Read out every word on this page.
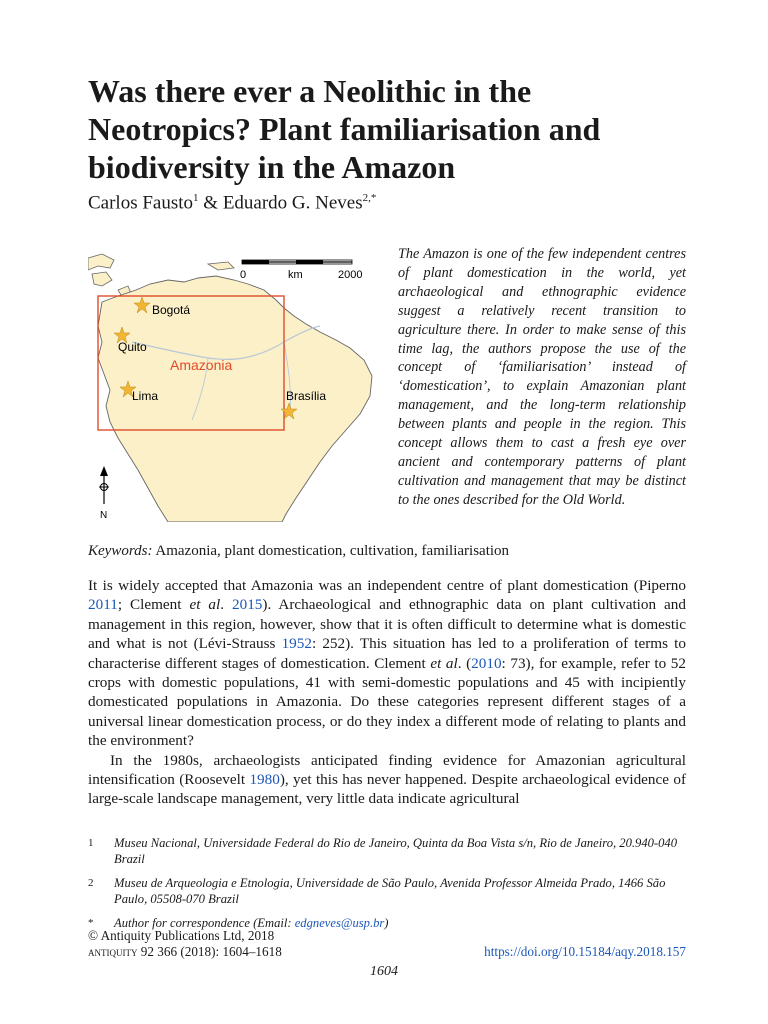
Was there ever a Neolithic in the Neotropics? Plant familiarisation and biodiversity in the Amazon
Carlos Fausto$^1$ & Eduardo G. Neves$^{2,*}$
0	km	2000
Amazonia
Bogotá
Quito
Lima	Brasília
N
The Amazon is one of the few independent centres of plant domestication in the world, yet archaeological and ethnographic evidence suggest a relatively recent transition to agriculture there. In order to make sense of this time lag, the authors propose the use of the concept of ‘familiarisation’ instead of ‘domestication’, to explain Amazonian plant management, and the long-term relationship between plants and people in the region. This concept allows them to cast a fresh eye over ancient and contemporary patterns of plant cultivation and management that may be distinct to the ones described for the Old World.
Keywords: Amazonia, plant domestication, cultivation, familiarisation

It is widely accepted that Amazonia was an independent centre of plant domestication (Piperno 2011; Clement et al. 2015). Archaeological and ethnographic data on plant cultivation and management in this region, however, show that it is often difficult to determine what is domestic and what is not (Lévi-Strauss 1952: 252). This situation has led to a proliferation of terms to characterise different stages of domestication. Clement et al. (2010: 73), for example, refer to 52 crops with domestic populations, 41 with semi-domestic populations and 45 with incipiently domesticated populations in Amazonia. Do these categories represent different stages of a universal linear domestication process, or do they index a different mode of relating to plants and the environment?

In the 1980s, archaeologists anticipated finding evidence for Amazonian agricultural intensification (Roosevelt 1980), yet this has never happened. Despite archaeological evidence of large-scale landscape management, very little data indicate agricultural

1	Museu Nacional, Universidade Federal do Rio de Janeiro, Quinta da Boa Vista s/n, Rio de Janeiro, 20.940-040 Brazil
2	Museu de Arqueologia e Etnologia, Universidade de São Paulo, Avenida Professor Almeida Prado, 1466 São Paulo, 05508-070 Brazil
*	Author for correspondence (Email: edgneves@usp.br)
© Antiquity Publications Ltd, 2018
antiquity 92 366 (2018): 1604–1618	https://doi.org/10.15184/aqy.2018.157
1604
